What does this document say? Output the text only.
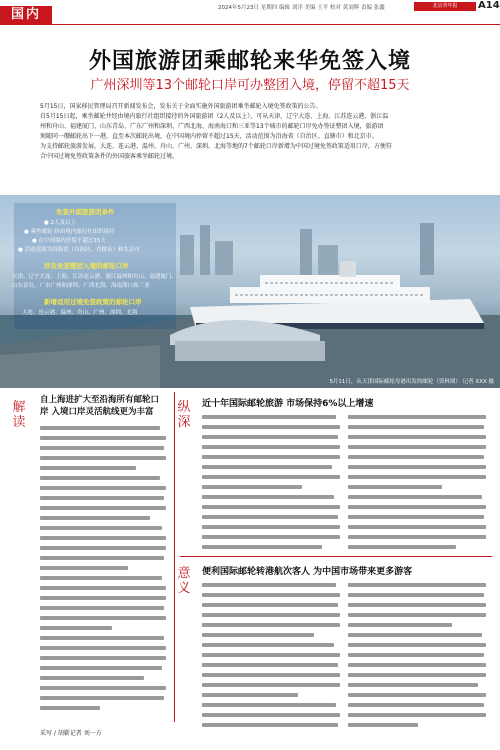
国内	2024年5月23日 星期四 编辑 刘洋 美编 王平 校对 黄刘辉 责编 张鑫	北京青年报	A14
外国旅游团乘邮轮来华免签入境
广州深圳等13个邮轮口岸可办整团入境，停留不超15天
5月15日，国家移民管理局召开新闻发布会，发布关于全面实施外国旅游团乘坐邮轮入境免签政策的公告。
自5月15日起，乘坐邮轮并经由境内旅行社组织接待的外国旅游团（2人及以上），可从天津、辽宁大连、上海、江苏连云港、浙江温
州和舟山、福建厦门、山东青岛、广东广州和深圳、广西北海、海南海口和三亚等13个城市的邮轮口岸免办签证整团入境，旅游团
须随同一艘邮轮出下一港，直至本次邮轮出境，在中国境内停留不超过15天，活动范围为沿海省（自治区、直辖市）和北京市。
为支持邮轮旅游发展，大连、连云港、温州、舟山、广州、深圳、北海等地的7个邮轮口岸新增为中国过境免签政策适用口岸，方便符
合中国过境免签政策条件的外国旅客乘坐邮轮过境。
免签外国旅游团条件
● 2人及以上
● 乘坐邮轮 经由境内旅行社组织接待
● 在中国境内停留不超过15天
● 活动范围为沿海省（自治区、直辖市）和北京市
涉及免签整团入境的邮轮口岸
天津、辽宁大连、上海、江苏连云港、浙江温州和舟山、福建厦门、
山东青岛、广东广州和深圳、广西北海、海南海口和三亚
新增适用过境免签政策的邮轮口岸
大连、连云港、温州、舟山、广州、深圳、北海
5月11日，从天津国际邮轮母港出发的邮轮（资料图） 记者 XXX 摄
解读
自上海进扩大至沿海所有邮轮口岸 入境口岸灵活航线更为丰富	纵深
近十年国际邮轮旅游 市场保持6%以上增速
意义
便利国际邮轮转港航次客人 为中国市场带来更多游客
采写 / 胡靳记者 刘一方
